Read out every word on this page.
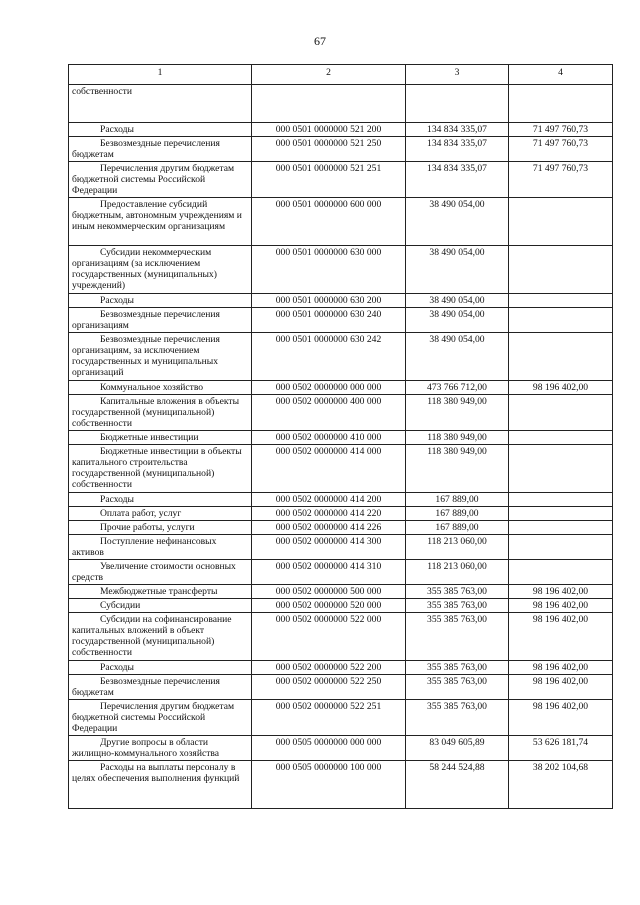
67
1	2	3	4
собственности			
Расходы	000 0501 0000000 521 200	134 834 335,07	71 497 760,73
Безвозмездные перечисления бюджетам	000 0501 0000000 521 250	134 834 335,07	71 497 760,73
Перечисления другим бюджетам бюджетной системы Российской Федерации	000 0501 0000000 521 251	134 834 335,07	71 497 760,73
Предоставление субсидий бюджетным, автономным учреждениям и иным некоммерческим организациям	000 0501 0000000 600 000	38 490 054,00	
Субсидии некоммерческим организациям (за исключением государственных (муниципальных) учреждений)	000 0501 0000000 630 000	38 490 054,00	
Расходы	000 0501 0000000 630 200	38 490 054,00	
Безвозмездные перечисления организациям	000 0501 0000000 630 240	38 490 054,00	
Безвозмездные перечисления организациям, за исключением государственных и муниципальных организаций	000 0501 0000000 630 242	38 490 054,00	
Коммунальное хозяйство	000 0502 0000000 000 000	473 766 712,00	98 196 402,00
Капитальные вложения в объекты государственной (муниципальной) собственности	000 0502 0000000 400 000	118 380 949,00	
Бюджетные инвестиции	000 0502 0000000 410 000	118 380 949,00	
Бюджетные инвестиции в объекты капитального строительства государственной (муниципальной) собственности	000 0502 0000000 414 000	118 380 949,00	
Расходы	000 0502 0000000 414 200	167 889,00	
Оплата работ, услуг	000 0502 0000000 414 220	167 889,00	
Прочие работы, услуги	000 0502 0000000 414 226	167 889,00	
Поступление нефинансовых активов	000 0502 0000000 414 300	118 213 060,00	
Увеличение стоимости основных средств	000 0502 0000000 414 310	118 213 060,00	
Межбюджетные трансферты	000 0502 0000000 500 000	355 385 763,00	98 196 402,00
Субсидии	000 0502 0000000 520 000	355 385 763,00	98 196 402,00
Субсидии на софинансирование капитальных вложений в объект государственной (муниципальной) собственности	000 0502 0000000 522 000	355 385 763,00	98 196 402,00
Расходы	000 0502 0000000 522 200	355 385 763,00	98 196 402,00
Безвозмездные перечисления бюджетам	000 0502 0000000 522 250	355 385 763,00	98 196 402,00
Перечисления другим бюджетам бюджетной системы Российской Федерации	000 0502 0000000 522 251	355 385 763,00	98 196 402,00
Другие вопросы в области жилищно-коммунального хозяйства	000 0505 0000000 000 000	83 049 605,89	53 626 181,74
Расходы на выплаты персоналу в целях обеспечения выполнения функций	000 0505 0000000 100 000	58 244 524,88	38 202 104,68
